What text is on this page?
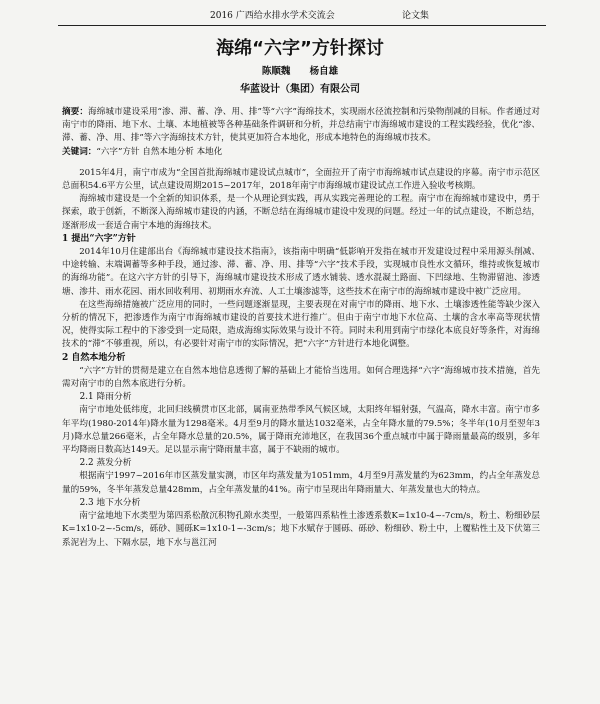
2016 广西给水排水学术交流会	论文集
海绵“六字”方针探讨
陈顺魏 杨自雄
华蓝设计（集团）有限公司

摘要：海绵城市建设采用“渗、滞、蓄、净、用、排”等“六字”海绵技术，实现雨水径流控制和污染物削减的目标。作者通过对南宁市的降雨、地下水、土壤、本地植被等各种基础条件调研和分析，并总结南宁市海绵城市建设的工程实践经验，优化“渗、滞、蓄、净、用、排”等六字海绵技术方针，使其更加符合本地化，形成本地特色的海绵城市技术。

关键词：“六字”方针 自然本地分析 本地化

2015年4月，南宁市成为“全国首批海绵城市建设试点城市”，全面拉开了南宁市海绵城市试点建设的序幕。南宁市示范区总面积54.6平方公里，试点建设周期2015~2017年，2018年南宁市海绵城市建设试点工作进入验收考核期。

海绵城市建设是一个全新的知识体系，是一个从理论到实践，再从实践完善理论的工程。南宁市在海绵城市建设中，勇于探索，敢于创新，不断深入海绵城市建设的内涵，不断总结在海绵城市建设中发现的问题。经过一年的试点建设，不断总结，逐渐形成一套适合南宁本地的海绵技术。

1 提出“六字”方针

2014年10月住建部出台《海绵城市建设技术指南》，该指南中明确“低影响开发指在城市开发建设过程中采用源头削减、中途转输、末端调蓄等多种手段，通过渗、滞、蓄、净、用、排等“六字”技术手段，实现城市良性水文循环，维持或恢复城市的海绵功能”。在这六字方针的引导下，海绵城市建设技术形成了透水铺装、透水混凝土路面、下凹绿地、生物滞留池、渗透塘、渗井、雨水花园、雨水回收利用、初期雨水弃流、人工土壤渗滤等，这些技术在南宁市的海绵城市建设中被广泛应用。

在这些海绵措施被广泛应用的同时，一些问题逐渐显现，主要表现在对南宁市的降雨、地下水、土壤渗透性能等缺少深入分析的情况下，把渗透作为南宁市海绵城市建设的首要技术进行推广。但由于南宁市地下水位高、土壤的含水率高等现状情况，使得实际工程中的下渗受到一定局限，造成海绵实际效果与设计不符。同时未利用到南宁市绿化本底良好等条件，对海绵技术的“滞”不够重视，所以，有必要针对南宁市的实际情况，把“六字”方针进行本地化调整。

2 自然本地分析

“六字”方针的贯彻是建立在自然本地信息透彻了解的基础上才能恰当选用。如何合理选择“六字”海绵城市技术措施，首先需对南宁市的自然本底进行分析。

2.1 降雨分析

南宁市地处低纬度，北回归线横贯市区北部，属南亚热带季风气候区域，太阳终年辐射强，气温高，降水丰富。南宁市多年平均(1980-2014年)降水量为1298毫米。4月至9月的降水量达1032毫米，占全年降水量的79.5%；冬半年(10月至翌年3月)降水总量266毫米，占全年降水总量的20.5%，属于降雨充沛地区，在我国36个重点城市中属于降雨量最高的级别，多年平均降雨日数高达149天。足以显示南宁降雨量丰富，属于不缺雨的城市。

2.2 蒸发分析

根据南宁1997~2016年市区蒸发量实测，市区年均蒸发量为1051mm，4月至9月蒸发量约为623mm，约占全年蒸发总量的59%，冬半年蒸发总量428mm，占全年蒸发量的41%。南宁市呈现出年降雨量大、年蒸发量也大的特点。

2.3 地下水分析

南宁盆地地下水类型为第四系松散沉积物孔隙水类型，一般第四系粘性土渗透系数K=1x10-4~-7cm/s，粉土、粉细砂层K=1x10-2~-5cm/s，砾砂、圆砾K=1x10-1~-3cm/s；地下水赋存于圆砾、砾砂、粉细砂、粉土中，上覆粘性土及下伏第三系泥岩为上、下隔水层，地下水与邕江河
